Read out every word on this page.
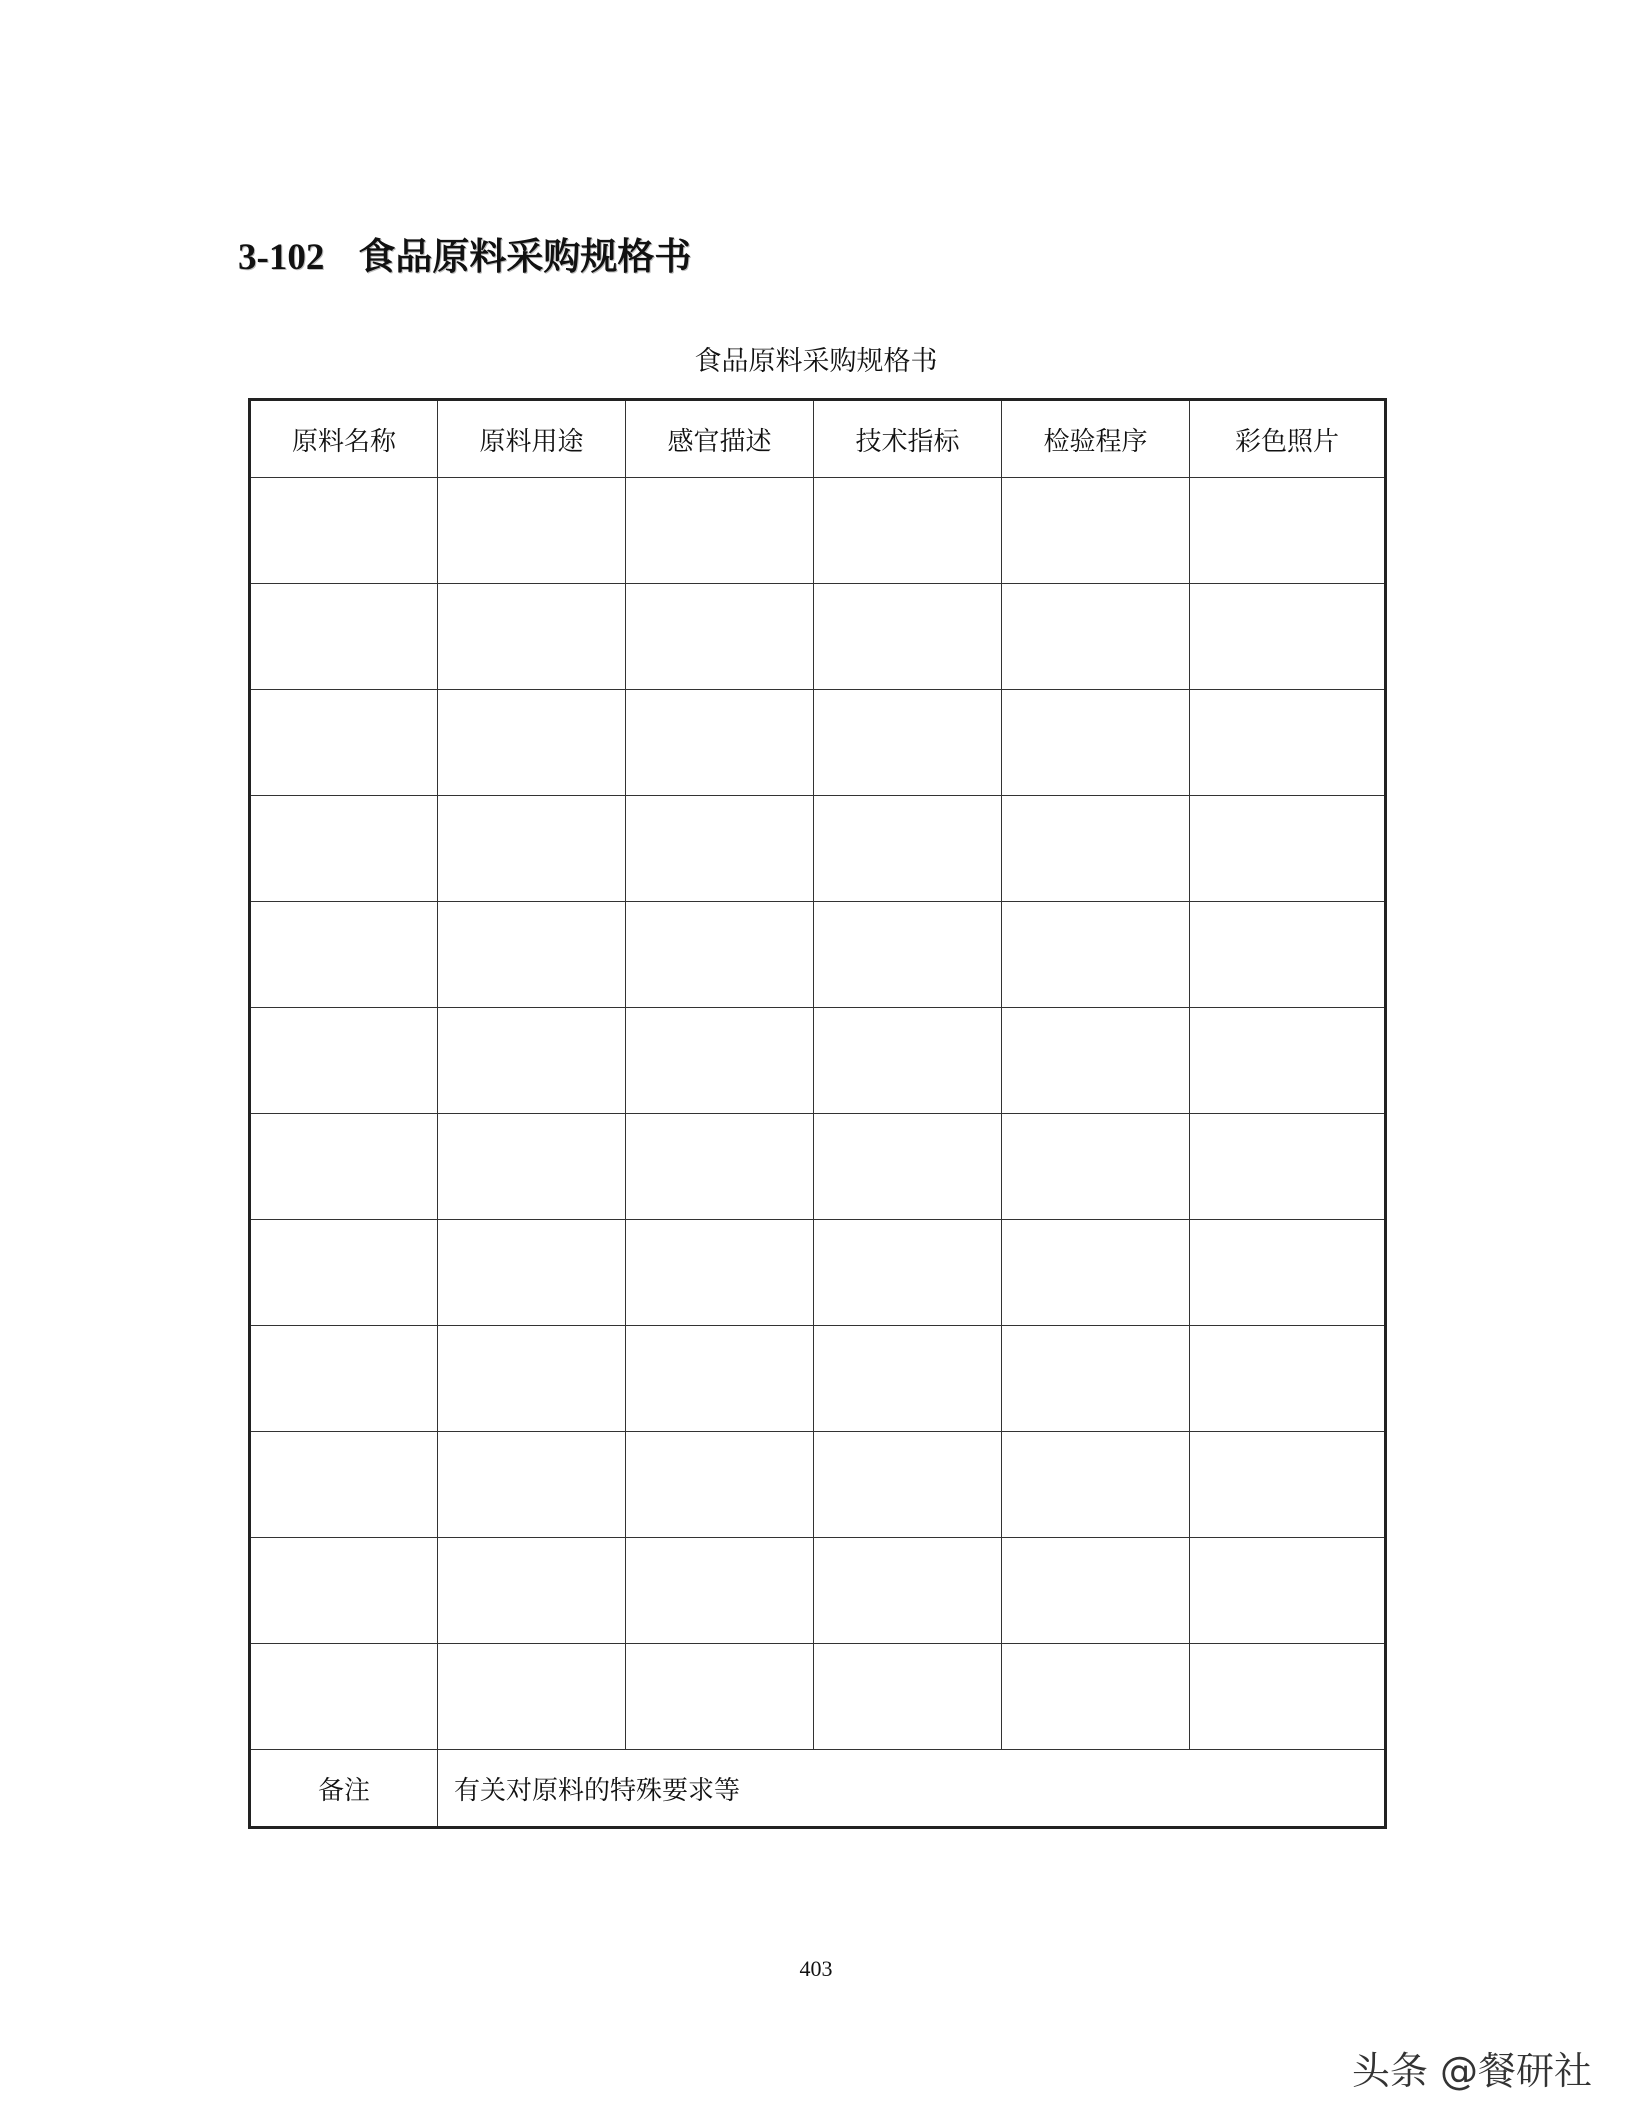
3-102 食品原料采购规格书
食品原料采购规格书
原料名称	原料用途	感官描述	技术指标	检验程序	彩色照片

备注	有关对原料的特殊要求等				
403
头条 @餐研社
